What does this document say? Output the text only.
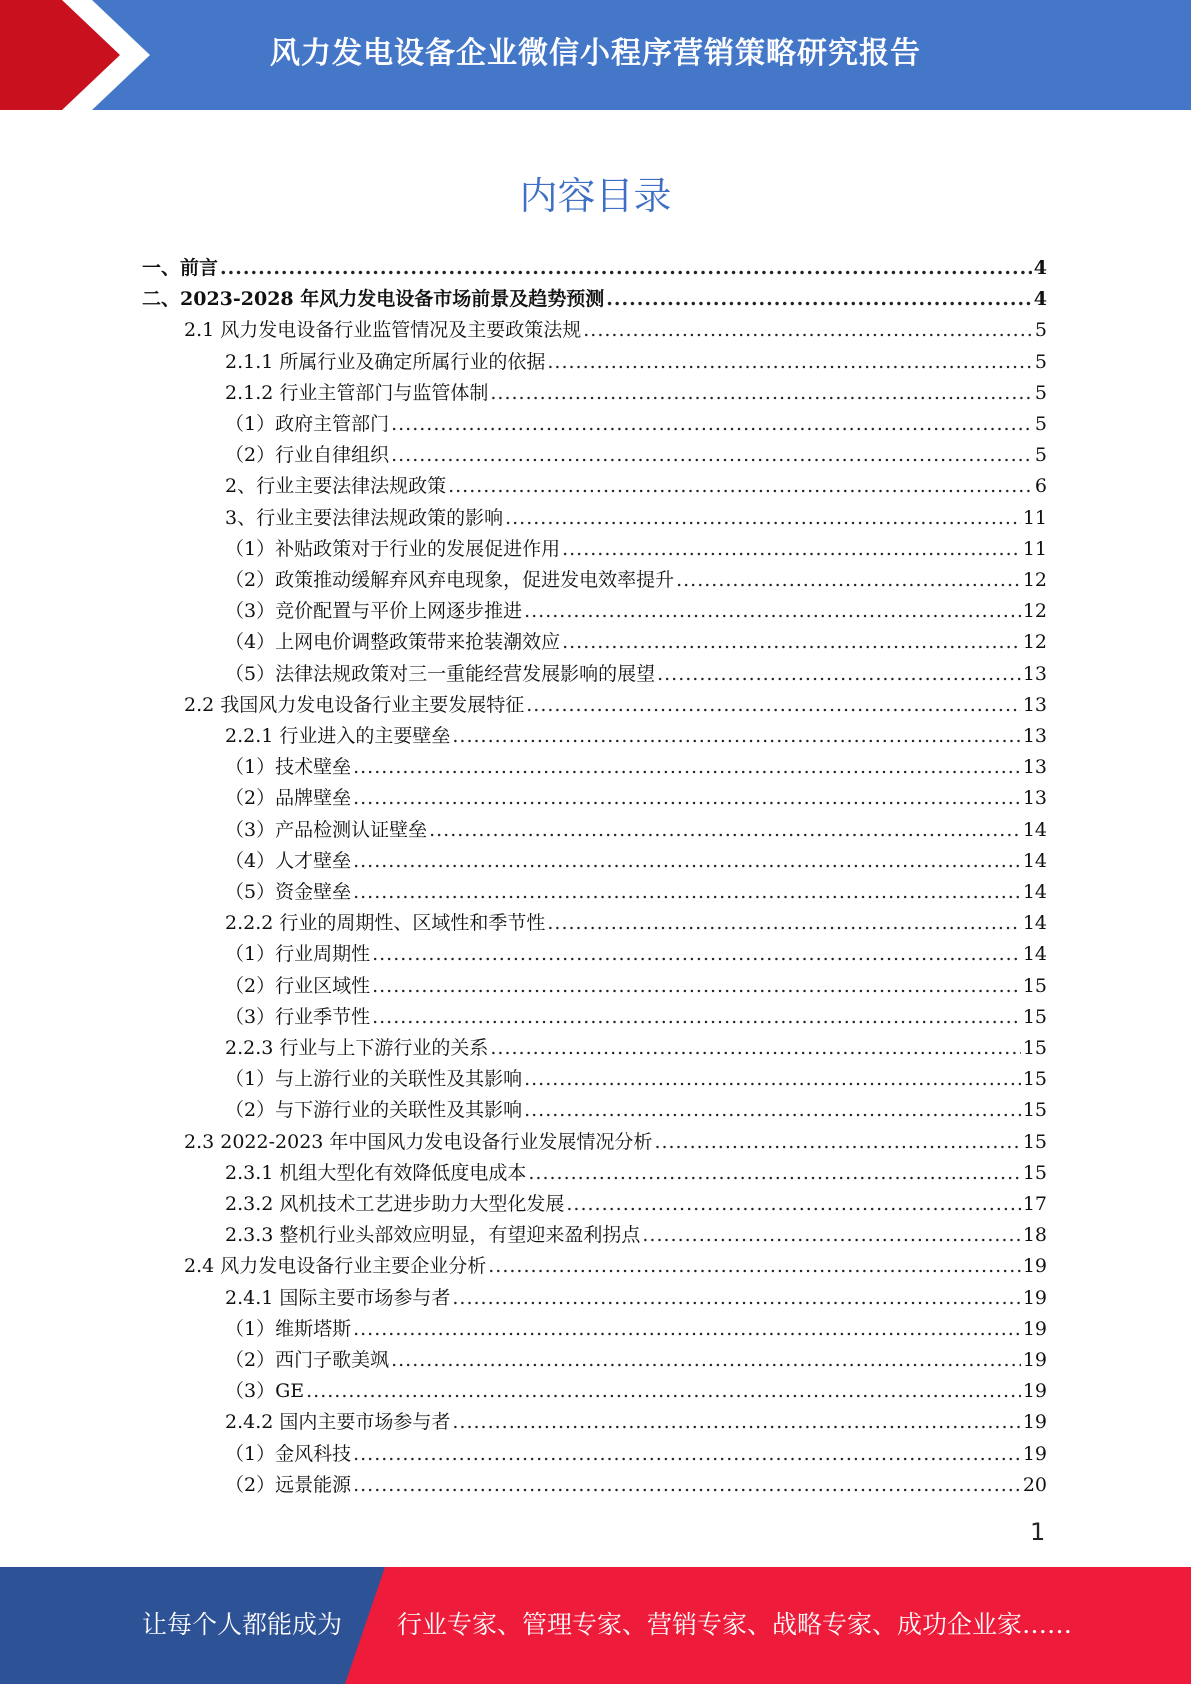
风力发电设备企业微信小程序营销策略研究报告
内容目录
一、前言 .....	4
二、2023-2028 年风力发电设备市场前景及趋势预测 .....	4
2.1 风力发电设备行业监管情况及主要政策法规 .....	5
2.1.1 所属行业及确定所属行业的依据 .....	5
2.1.2 行业主管部门与监管体制 .....	5
（1）政府主管部门 .....	5
（2）行业自律组织 .....	5
2、行业主要法律法规政策 .....	6
3、行业主要法律法规政策的影响 .....	11
（1）补贴政策对于行业的发展促进作用 .....	11
（2）政策推动缓解弃风弃电现象，促进发电效率提升 .....	12
（3）竞价配置与平价上网逐步推进 .....	12
（4）上网电价调整政策带来抢装潮效应 .....	12
（5）法律法规政策对三一重能经营发展影响的展望 .....	13
2.2 我国风力发电设备行业主要发展特征 .....	13
2.2.1 行业进入的主要壁垒 .....	13
（1）技术壁垒 .....	13
（2）品牌壁垒 .....	13
（3）产品检测认证壁垒 .....	14
（4）人才壁垒 .....	14
（5）资金壁垒 .....	14
2.2.2 行业的周期性、区域性和季节性 .....	14
（1）行业周期性 .....	14
（2）行业区域性 .....	15
（3）行业季节性 .....	15
2.2.3 行业与上下游行业的关系 .....	15
（1）与上游行业的关联性及其影响 .....	15
（2）与下游行业的关联性及其影响 .....	15
2.3 2022-2023 年中国风力发电设备行业发展情况分析 .....	15
2.3.1 机组大型化有效降低度电成本 .....	15
2.3.2 风机技术工艺进步助力大型化发展 .....	17
2.3.3 整机行业头部效应明显，有望迎来盈利拐点 .....	18
2.4 风力发电设备行业主要企业分析 .....	19
2.4.1 国际主要市场参与者 .....	19
（1）维斯塔斯 .....	19
（2）西门子歌美飒 .....	19
（3）GE .....	19
2.4.2 国内主要市场参与者 .....	19
（1）金风科技 .....	19
（2）远景能源 .....	20
1
让每个人都能成为 行业专家、管理专家、营销专家、战略专家、成功企业家……
